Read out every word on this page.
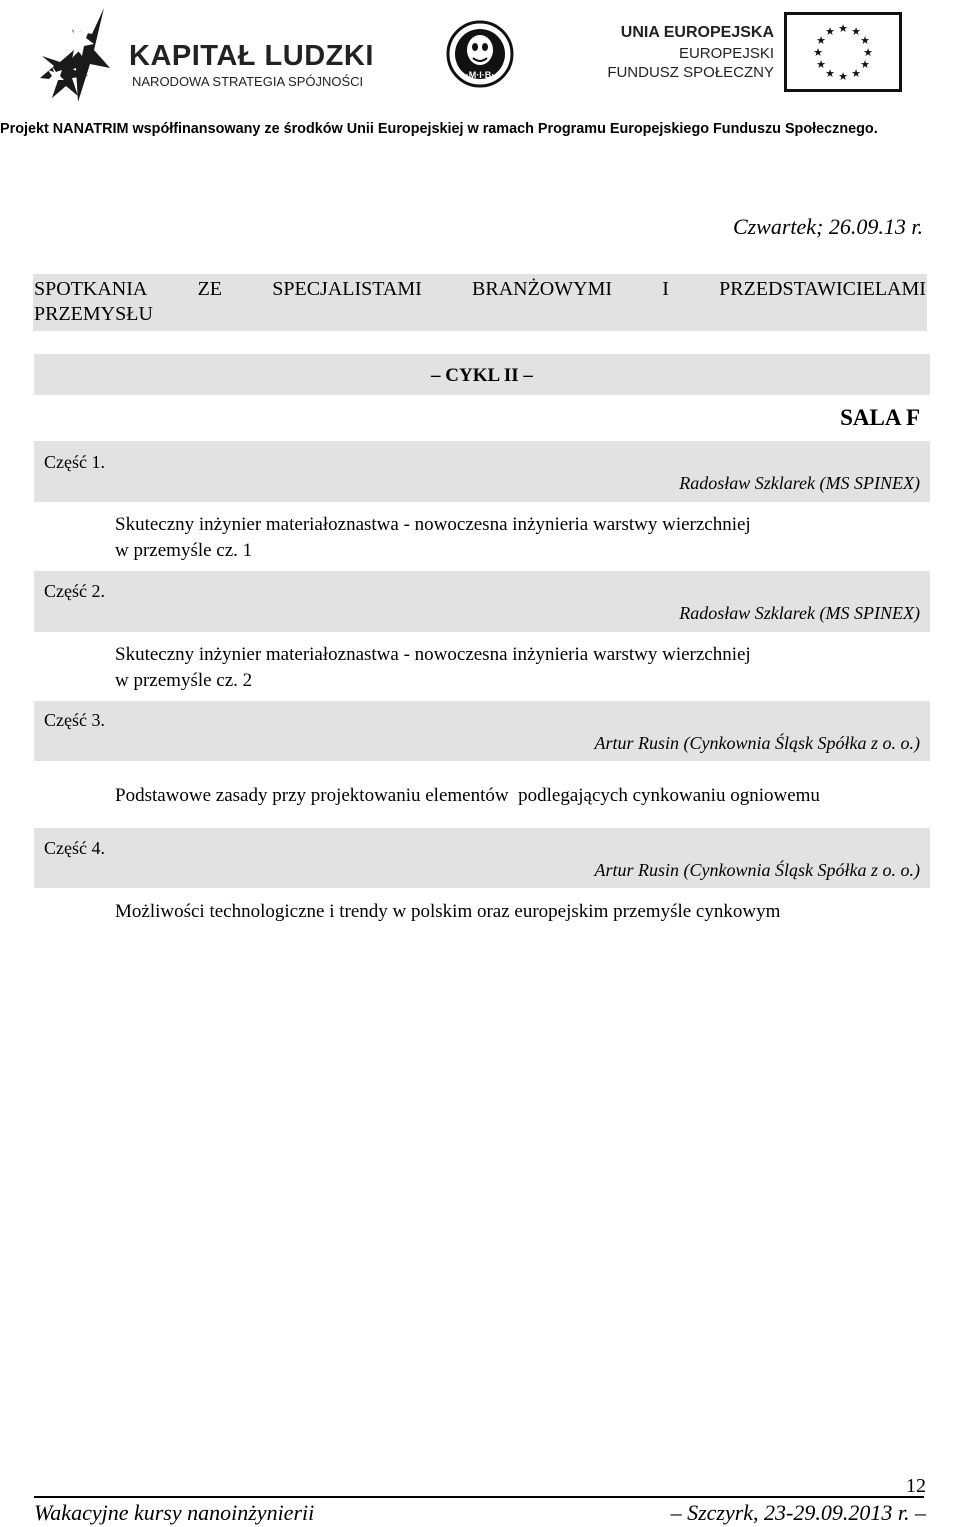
KAPITAŁ LUDZKI
NARODOWA STRATEGIA SPÓJNOŚCI	·M·I·B·
UNIA EUROPEJSKA
EUROPEJSKI
FUNDUSZ SPOŁECZNY
★ ★
★
★
★
★
★
★
★
★
★
★
Projekt NANATRIM współfinansowany ze środków Unii Europejskiej w ramach Programu Europejskiego Funduszu Społecznego.
Czwartek; 26.09.13 r.
SPOTKANIA	ZE	SPECJALISTAMI	BRANŻOWYMI	I	PRZEDSTAWICIELAMI
PRZEMYSŁU
– CYKL II –
SALA F
Część 1.
Radosław Szklarek (MS SPINEX)
Skuteczny inżynier materiałoznastwa - nowoczesna inżynieria warstwy wierzchniej
w przemyśle cz. 1
Część 2.
Radosław Szklarek (MS SPINEX)
Skuteczny inżynier materiałoznastwa - nowoczesna inżynieria warstwy wierzchniej
w przemyśle cz. 2
Część 3.
Artur Rusin (Cynkownia Śląsk Spółka z o. o.)
Podstawowe zasady przy projektowaniu elementów  podlegających cynkowaniu ogniowemu
Część 4.
Artur Rusin (Cynkownia Śląsk Spółka z o. o.)
Możliwości technologiczne i trendy w polskim oraz europejskim przemyśle cynkowym
12
Wakacyjne kursy nanoinżynierii	– Szczyrk, 23-29.09.2013 r. –
